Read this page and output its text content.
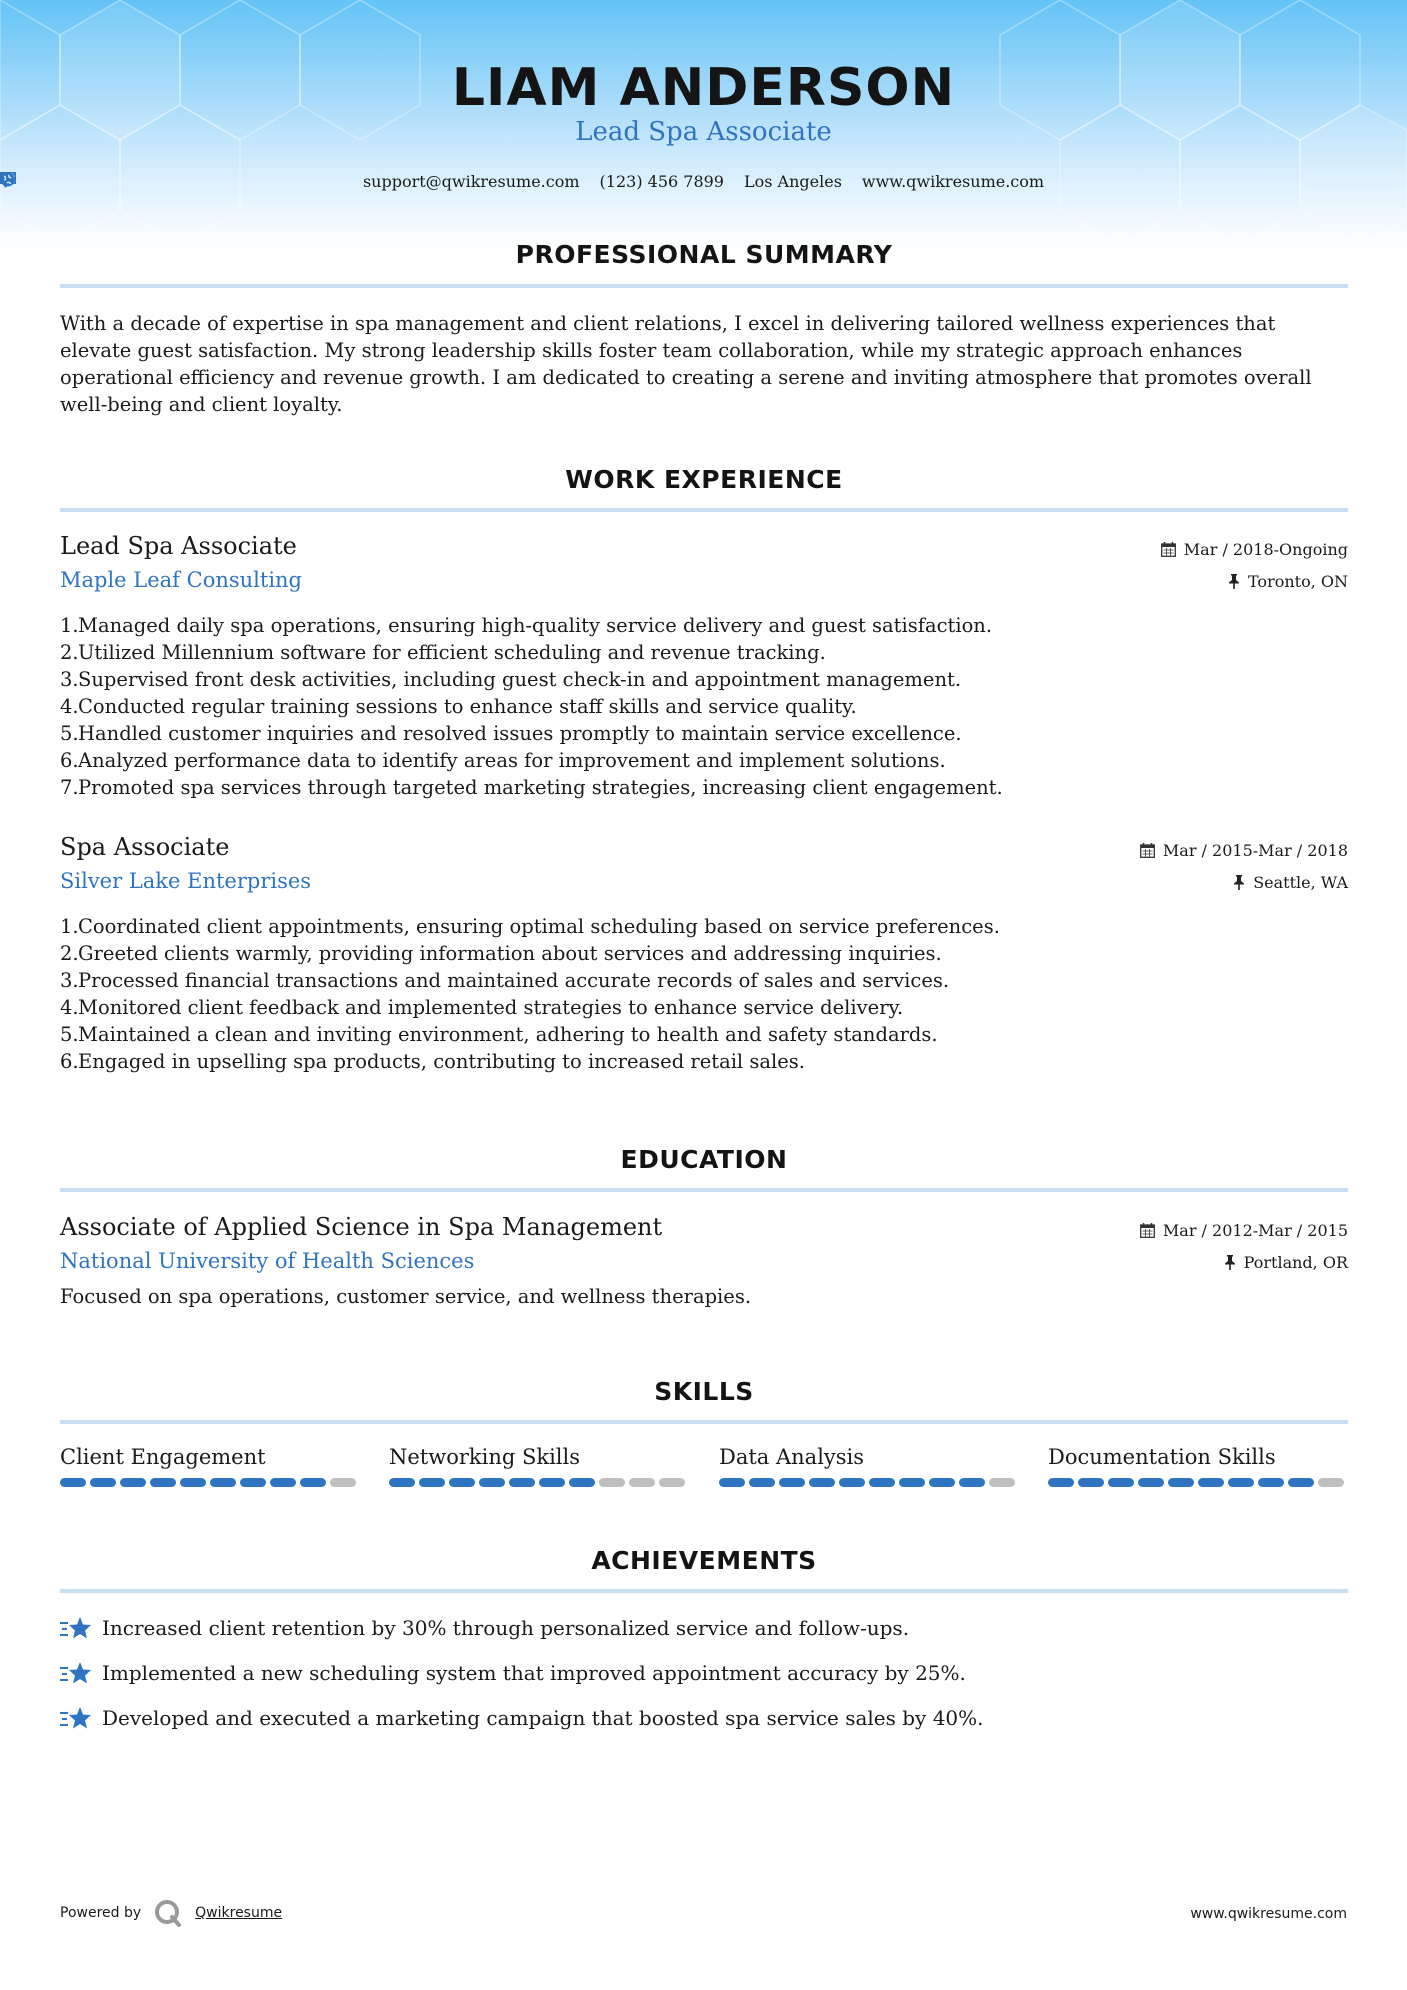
LIAM ANDERSON
Lead Spa Associate
support@qwikresume.com (123) 456 7899 Los Angeles www.qwikresume.com
PROFESSIONAL SUMMARY
With a decade of expertise in spa management and client relations, I excel in delivering tailored wellness experiences that elevate guest satisfaction. My strong leadership skills foster team collaboration, while my strategic approach enhances operational efficiency and revenue growth. I am dedicated to creating a serene and inviting atmosphere that promotes overall well-being and client loyalty.
WORK EXPERIENCE
Lead Spa Associate
Maple Leaf Consulting
Mar / 2018-Ongoing
Toronto, ON
1. Managed daily spa operations, ensuring high-quality service delivery and guest satisfaction.
2. Utilized Millennium software for efficient scheduling and revenue tracking.
3. Supervised front desk activities, including guest check-in and appointment management.
4. Conducted regular training sessions to enhance staff skills and service quality.
5. Handled customer inquiries and resolved issues promptly to maintain service excellence.
6. Analyzed performance data to identify areas for improvement and implement solutions.
7. Promoted spa services through targeted marketing strategies, increasing client engagement.
Spa Associate
Silver Lake Enterprises
Mar / 2015-Mar / 2018
Seattle, WA
1. Coordinated client appointments, ensuring optimal scheduling based on service preferences.
2. Greeted clients warmly, providing information about services and addressing inquiries.
3. Processed financial transactions and maintained accurate records of sales and services.
4. Monitored client feedback and implemented strategies to enhance service delivery.
5. Maintained a clean and inviting environment, adhering to health and safety standards.
6. Engaged in upselling spa products, contributing to increased retail sales.
EDUCATION
Associate of Applied Science in Spa Management
National University of Health Sciences
Mar / 2012-Mar / 2015
Portland, OR
Focused on spa operations, customer service, and wellness therapies.
SKILLS
Client Engagement	Networking Skills	Data Analysis	Documentation Skills
ACHIEVEMENTS
Increased client retention by 30% through personalized service and follow-ups.
Implemented a new scheduling system that improved appointment accuracy by 25%.
Developed and executed a marketing campaign that boosted spa service sales by 40%.
Powered by	Qwikresume	www.qwikresume.com
